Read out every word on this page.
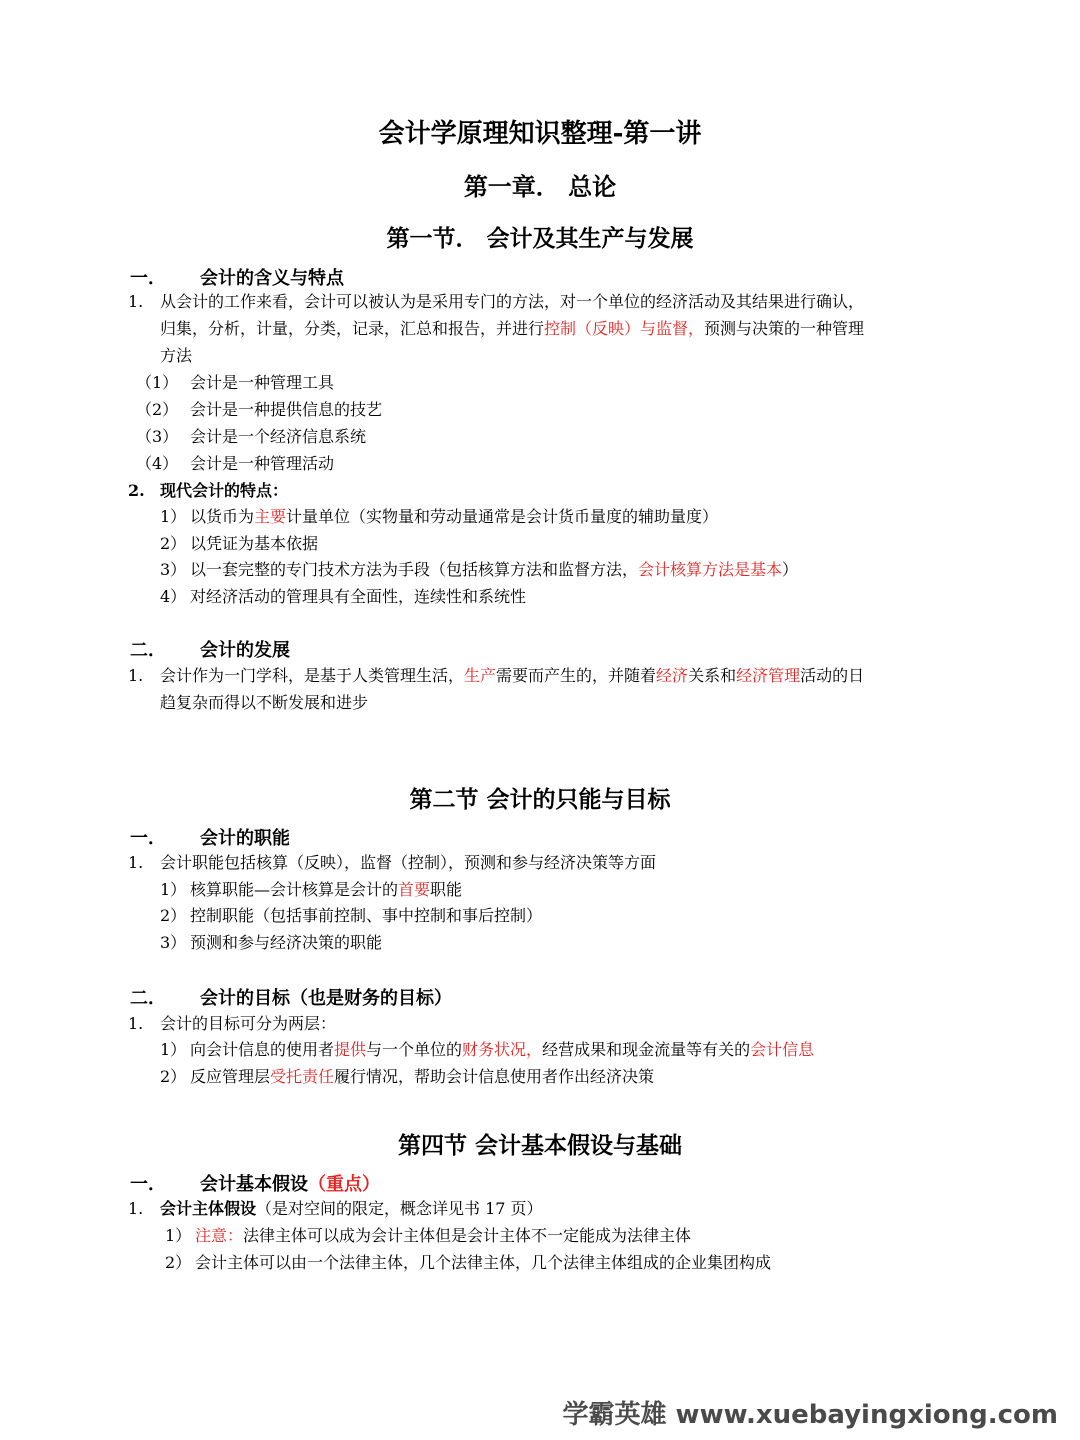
会计学原理知识整理-第一讲
第一章． 总论
第一节． 会计及其生产与发展
一． 会计的含义与特点
1. 从会计的工作来看，会计可以被认为是采用专门的方法，对一个单位的经济活动及其结果进行确认，
归集，分析，计量，分类，记录，汇总和报告，并进行控制（反映）与监督，预测与决策的一种管理
方法
（1） 会计是一种管理工具
（2） 会计是一种提供信息的技艺
（3） 会计是一个经济信息系统
（4） 会计是一种管理活动
2. 现代会计的特点：
1） 以货币为主要计量单位（实物量和劳动量通常是会计货币量度的辅助量度）
2） 以凭证为基本依据
3） 以一套完整的专门技术方法为手段（包括核算方法和监督方法，会计核算方法是基本）
4） 对经济活动的管理具有全面性，连续性和系统性
二． 会计的发展
1. 会计作为一门学科，是基于人类管理生活，生产需要而产生的，并随着经济关系和经济管理活动的日
趋复杂而得以不断发展和进步
第二节 会计的只能与目标
一． 会计的职能
1. 会计职能包括核算（反映），监督（控制），预测和参与经济决策等方面
1） 核算职能—会计核算是会计的首要职能
2） 控制职能（包括事前控制、事中控制和事后控制）
3） 预测和参与经济决策的职能
二． 会计的目标（也是财务的目标）
1. 会计的目标可分为两层：
1） 向会计信息的使用者提供与一个单位的财务状况，经营成果和现金流量等有关的会计信息
2） 反应管理层受托责任履行情况，帮助会计信息使用者作出经济决策
第四节 会计基本假设与基础
一． 会计基本假设（重点）
1. 会计主体假设（是对空间的限定，概念详见书 17 页）
1） 注意：法律主体可以成为会计主体但是会计主体不一定能成为法律主体
2） 会计主体可以由一个法律主体，几个法律主体，几个法律主体组成的企业集团构成
学霸英雄 www.xuebayingxiong.com
